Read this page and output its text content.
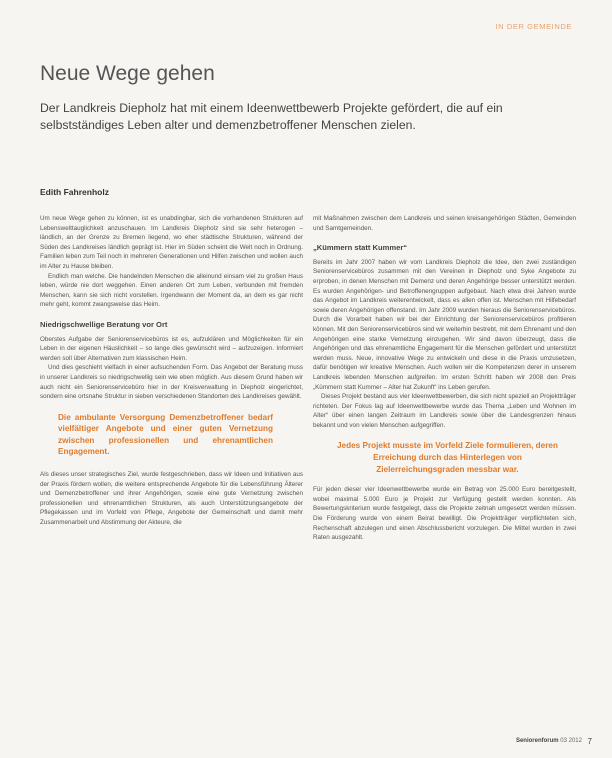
IN DER GEMEINDE
Neue Wege gehen

Der Landkreis Diepholz hat mit einem Ideenwettbewerb Projekte gefördert, die auf ein selbstständiges Leben alter und demenzbetroffener Menschen zielen.

Edith Fahrenholz

Um neue Wege gehen zu können, ist es unabdingbar, sich die vorhandenen Strukturen auf Lebenswelttauglichkeit anzuschauen. Im Landkreis Diepholz sind sie sehr heterogen – ländlich, an der Grenze zu Bremen liegend, wo eher städtische Strukturen, während der Süden des Landkreises ländlich geprägt ist. Hier im Süden scheint die Welt noch in Ordnung. Familien leben zum Teil noch in mehreren Generationen und Hilfen zwischen und wollen auch im Alter zu Hause bleiben.

Endlich man welche. Die handelnden Menschen die alleinund einsam viel zu großen Haus leben, würde nie dort weggehen. Einen anderen Ort zum Leben, verbunden mit fremden Menschen, kann sie sich nicht vorstellen. Irgendwann der Moment da, an dem es gar nicht mehr geht, kommt zwangsweise das Heim.

Niedrigschwellige Beratung vor Ort

Oberstes Aufgabe der Seniorenservicebüros ist es, aufzuklären und Möglichkeiten für ein Leben in der eigenen Häuslichkeit – so lange dies gewünscht wird – aufzuzeigen. Informiert werden soll über Alternativen zum klassischen Heim.

Und dies geschieht vielfach in einer aufsuchenden Form. Das Angebot der Beratung muss in unserer Landkreis so niedrigschwellig sein wie eben möglich. Aus diesem Grund haben wir auch nicht ein Seniorenservicebüro hier in der Kreisverwaltung in Diepholz eingerichtet, sondern eine ortsnahe Struktur in sieben verschiedenen Standorten des Landkreises gewählt.

Die ambulante Versorgung Demenzbetroffener bedarf vielfältiger Angebote und einer guten Vernetzung zwischen professionellen und ehrenamtlichen Engagement.

Als dieses unser strategisches Ziel, wurde festgeschrieben, dass wir Ideen und Initiativen aus der Praxis fördern wollen, die weitere entsprechende Angebote für die Lebensführung Älterer und Demenzbetroffener und ihrer Angehörigen, sowie eine gute Vernetzung zwischen professionellen und ehrenamtlichen Strukturen, als auch Unterstützungsangebote der Pflegekassen und im Vorfeld von Pflege, Angebote der Gemeinschaft und damit mehr Zusammenarbeit und Abstimmung der Akteure, die

mit Maßnahmen zwischen dem Landkreis und seinen kreisangehörigen Städten, Gemeinden und Samtgemeinden.

„Kümmern statt Kummer“

Bereits im Jahr 2007 haben wir vom Landkreis Diepholz die Idee, den zwei zuständigen Seniorenservicebüros zusammen mit den Vereinen in Diepholz und Syke Angebote zu erproben, in denen Menschen mit Demenz und deren Angehörige besser unterstützt werden. Es wurden Angehörigen- und Betroffenengruppen aufgebaut. Nach etwa drei Jahren wurde das Angebot im Landkreis weiterentwickelt, dass es allen offen ist. Menschen mit Hilfebedarf sowie deren Angehörigen offenstand. Im Jahr 2009 wurden hieraus die Seniorenservicebüros. Durch die Vorarbeit haben wir bei der Einrichtung der Seniorenservicebüros profitieren können. Mit den Seniorenservicebüros sind wir weiterhin bestrebt, mit dem Ehrenamt und den Angehörigen eine starke Vernetzung einzugehen. Wir sind davon überzeugt, dass die Angehörigen und das ehrenamtliche Engagement für die Menschen gefördert und unterstützt werden muss. Neue, innovative Wege zu entwickeln und diese in die Praxis umzusetzen, dafür benötigen wir kreative Menschen. Auch wollen wir die Kompetenzen derer in unserem Landkreis lebenden Menschen aufgreifen. Im ersten Schritt haben wir 2008 den Preis „Kümmern statt Kummer – Alter hat Zukunft“ ins Leben gerufen.

Dieses Projekt bestand aus vier Ideenwettbewerben, die sich nicht speziell an Projektträger richteten. Der Fokus lag auf Ideenwettbewerbe wurde das Thema „Leben und Wohnen im Alter“ über einen langen Zeitraum im Landkreis sowie über die Landesgrenzen hinaus bekannt und von vielen Menschen aufgegriffen.

Jedes Projekt musste im Vorfeld Ziele formulieren, deren Erreichung durch das Hinterlegen von Zielerreichungsgraden messbar war.

Für jeden dieser vier Ideenwettbewerbe wurde ein Betrag von 25.000 Euro bereitgestellt, wobei maximal 5.000 Euro je Projekt zur Verfügung gestellt werden konnten. Als Bewertungskriterium wurde festgelegt, dass die Projekte zeitnah umgesetzt werden müssen. Die Förderung wurde von einem Beirat bewilligt. Die Projektträger verpflichteten sich, Rechenschaft abzulegen und einen Abschlussbericht vorzulegen. Die Mittel wurden in zwei Raten ausgezahlt.

Seniorenforum 03 2012 7
